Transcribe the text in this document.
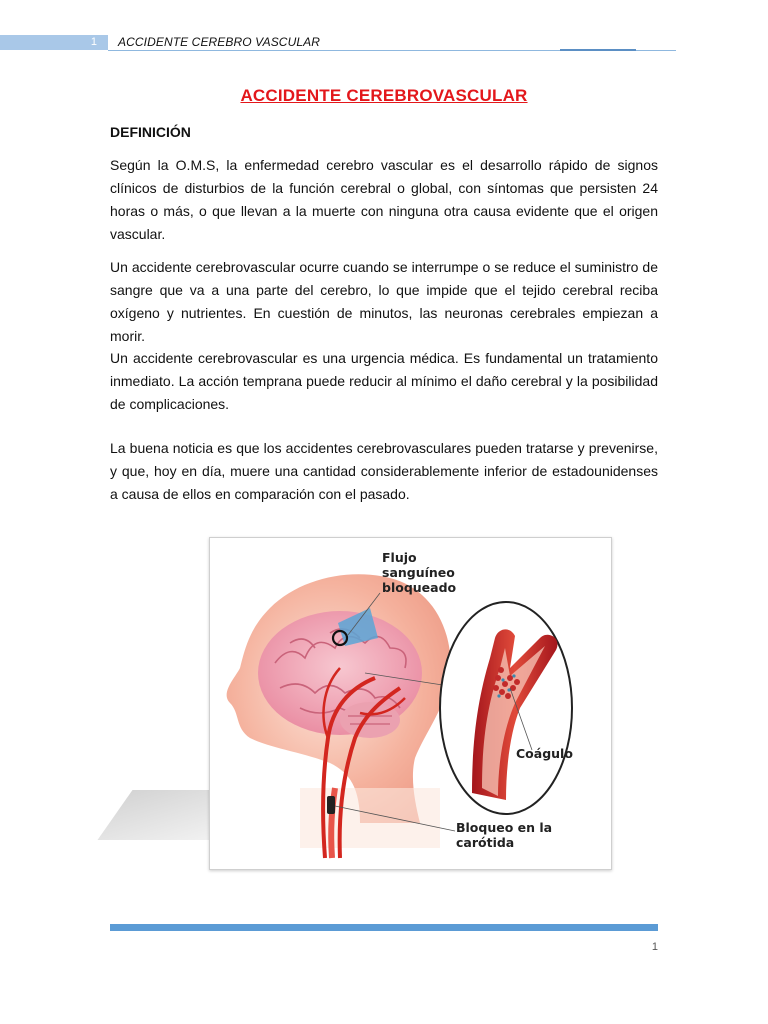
1	ACCIDENTE CEREBRO VASCULAR
ACCIDENTE CEREBROVASCULAR
DEFINICIÓN

Según la O.M.S, la enfermedad cerebro vascular es el desarrollo rápido de signos clínicos de disturbios de la función cerebral o global, con síntomas que persisten 24 horas o más, o que llevan a la muerte con ninguna otra causa evidente que el origen vascular.

Un accidente cerebrovascular ocurre cuando se interrumpe o se reduce el suministro de sangre que va a una parte del cerebro, lo que impide que el tejido cerebral reciba oxígeno y nutrientes. En cuestión de minutos, las neuronas cerebrales empiezan a morir.

Un accidente cerebrovascular es una urgencia médica. Es fundamental un tratamiento inmediato. La acción temprana puede reducir al mínimo el daño cerebral y la posibilidad de complicaciones.

La buena noticia es que los accidentes cerebrovasculares pueden tratarse y prevenirse, y que, hoy en día, muere una cantidad considerablemente inferior de estadounidenses a causa de ellos en comparación con el pasado.

Flujo
sanguíneo
bloqueado
Coágulo
Bloqueo en la
carótida
1
